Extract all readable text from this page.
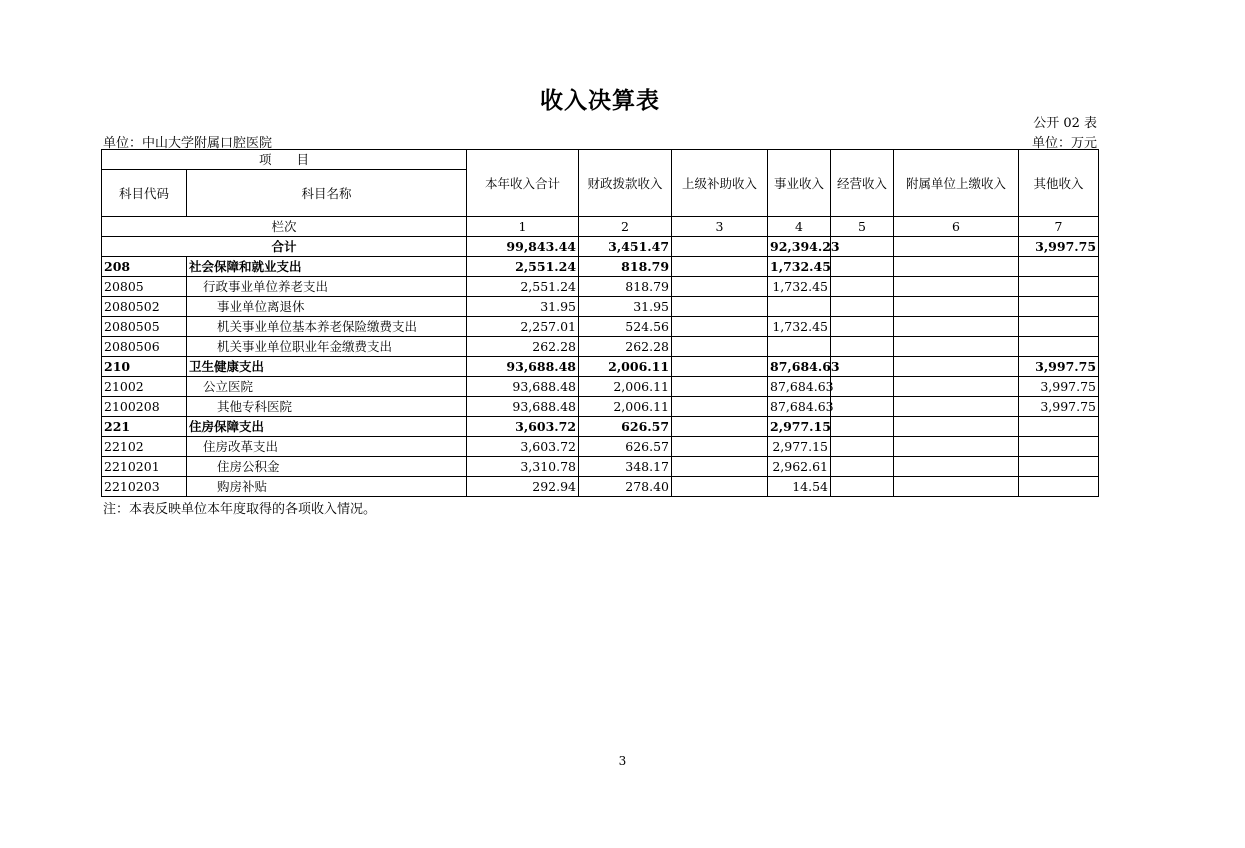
收入决算表
公开 02 表
单位：中山大学附属口腔医院	单位：万元
项　　目		本年收入合计	财政拨款收入	上级补助收入	事业收入	经营收入	附属单位上缴收入	其他收入
科目代码	科目名称							
栏次		1	2	3	4	5	6	7
合计		99,843.44	3,451.47		92,394.23			3,997.75
208	社会保障和就业支出	2,551.24	818.79		1,732.45			
20805	行政事业单位养老支出	2,551.24	818.79		1,732.45			
2080502	事业单位离退休	31.95	31.95					
2080505	机关事业单位基本养老保险缴费支出	2,257.01	524.56		1,732.45			
2080506	机关事业单位职业年金缴费支出	262.28	262.28					
210	卫生健康支出	93,688.48	2,006.11		87,684.63			3,997.75
21002	公立医院	93,688.48	2,006.11		87,684.63			3,997.75
2100208	其他专科医院	93,688.48	2,006.11		87,684.63			3,997.75
221	住房保障支出	3,603.72	626.57		2,977.15			
22102	住房改革支出	3,603.72	626.57		2,977.15			
2210201	住房公积金	3,310.78	348.17		2,962.61			
2210203	购房补贴	292.94	278.40		14.54			
注：本表反映单位本年度取得的各项收入情况。
3
